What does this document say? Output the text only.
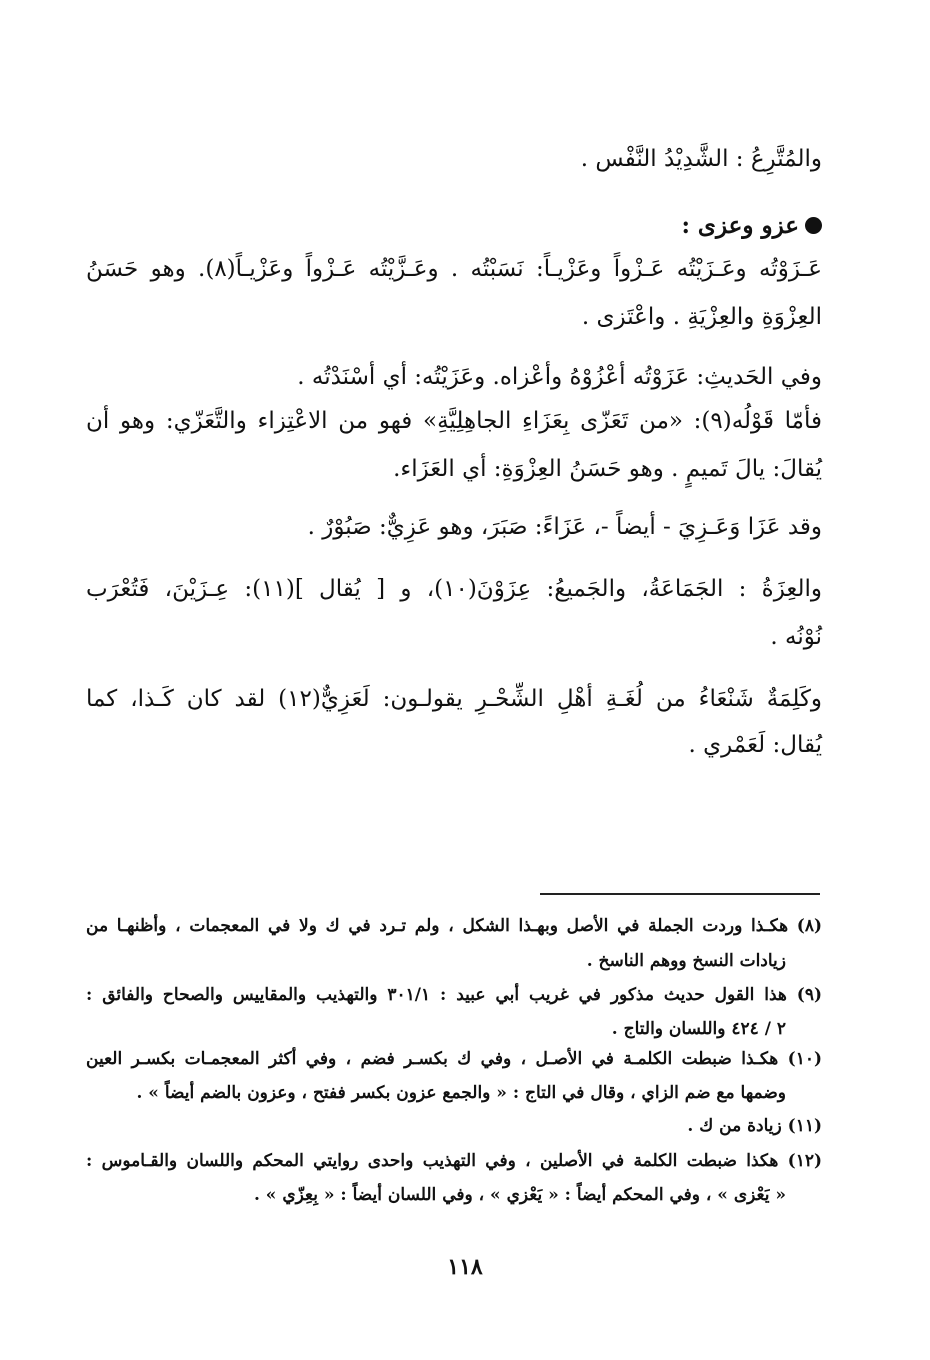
والمُتَّرِعُ : الشَّدِيْدُ النَّفْس .
عزو وعزى :
عَـزَوْتُه وعَـزَيْتُه عَـزْواً وعَزْيـاً: نَسَبْتُه . وعَـزَّيْتُه عَـزْواً وعَزْيـاً(٨). وهو حَسَنُ
العِزْوَةِ والعِزْيَةِ . واعْتَزى .
وفي الحَديثِ: عَزَوْتُه أعْزُوْهُ وأعْزاه. وعَزَيْتُه: أي أسْنَدْتُه .
فأمّا قَوْلُه(٩): «من تَعَزّى بِعَزَاءِ الجاهِلِيَّةِ» فهو من الاعْتِزاء والتَّعَزّي: وهو أن
يُقالَ: يالَ تَميمٍ . وهو حَسَنُ العِزْوَةِ: أي العَزَاء.
وقد عَزَا وَعَـزِيَ - أيضاً -، عَزَاءً: صَبَرَ، وهو عَزِيٌّ: صَبُوْرٌ .
والعِزَةُ : الجَمَاعَةُ، والجَميعُ: عِزَوْنَ(١٠)، و [ يُقال ](١١): عِـزَيْنَ، فَتُعْرَب
نُوْنُه .
وكَلِمَةٌ شَنْعَاءُ من لُغَـةِ أهْلِ الشِّحْـرِ يقولـون: لَعَزِيٌّ(١٢) لقد كان كَـذا، كما
يُقال: لَعَمْري .
(٨) هكـذا وردت الجملة في الأصل وبهـذا الشكل ، ولم تـرد في ك ولا في المعجمات ، وأظنهـا من
زيادات النسخ ووهم الناسخ .
(٩) هذا القول حديث مذكور في غريب أبي عبيد : ٣٠١/١ والتهذيب والمقاييس والصحاح والفائق :
٢ / ٤٢٤ واللسان والتاج .
(١٠) هكـذا ضبطت الكلمـة في الأصـل ، وفي ك بكسـر فضم ، وفي أكثر المعجمـات بكسـر العين
وضمها مع ضم الزاي ، وقال في التاج : « والجمع عزون بكسر ففتح ، وعزون بالضم أيضاً » .
(١١) زيادة من ك .
(١٢) هكذا ضبطت الكلمة في الأصلين ، وفي التهذيب واحدى روايتي المحكم واللسان والقـاموس :
« يَعْزى » ، وفي المحكم أيضاً : « يَعْزي » ، وفي اللسان أيضاً : « بِعِزّي » .
١١٨
